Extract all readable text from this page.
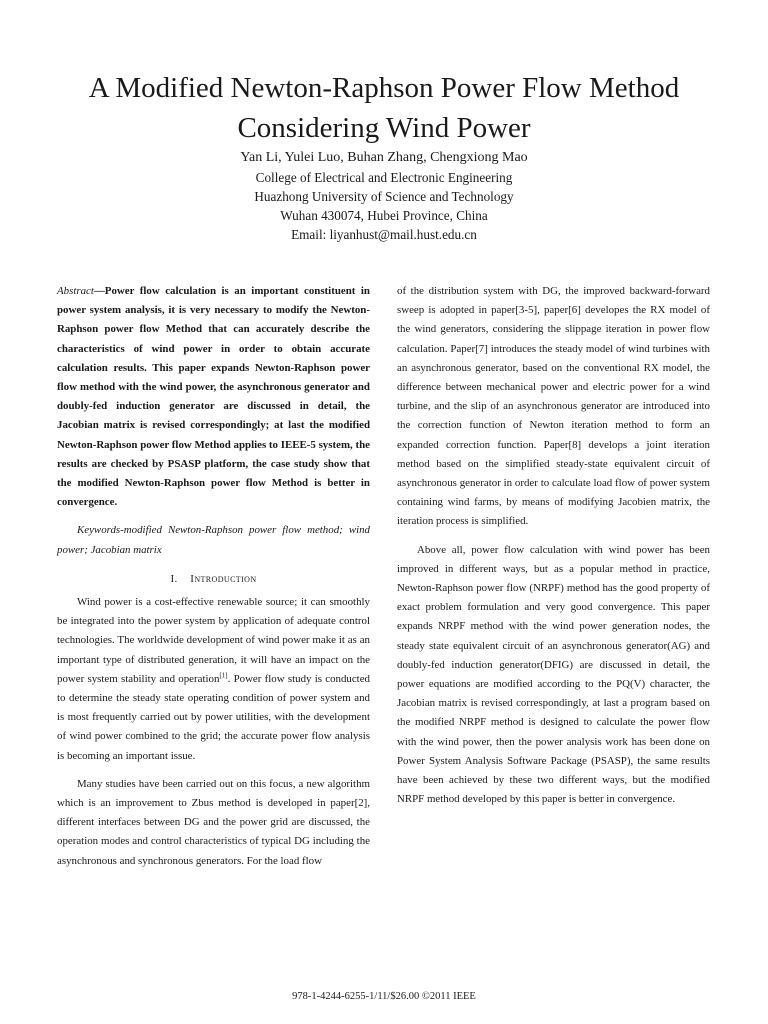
A Modified Newton-Raphson Power Flow Method
Considering Wind Power
Yan Li, Yulei Luo, Buhan Zhang, Chengxiong Mao
College of Electrical and Electronic Engineering
Huazhong University of Science and Technology
Wuhan 430074, Hubei Province, China
Email: liyanhust@mail.hust.edu.cn

Abstract—Power flow calculation is an important constituent in power system analysis, it is very necessary to modify the Newton-Raphson power flow Method that can accurately describe the characteristics of wind power in order to obtain accurate calculation results. This paper expands Newton-Raphson power flow method with the wind power, the asynchronous generator and doubly-fed induction generator are discussed in detail, the Jacobian matrix is revised correspondingly; at last the modified Newton-Raphson power flow Method applies to IEEE-5 system, the results are checked by PSASP platform, the case study show that the modified Newton-Raphson power flow Method is better in convergence.

Keywords-modified Newton-Raphson power flow method; wind power; Jacobian matrix

I. Introduction

Wind power is a cost-effective renewable source; it can smoothly be integrated into the power system by application of adequate control technologies. The worldwide development of wind power make it as an important type of distributed generation, it will have an impact on the power system stability and operation[1]. Power flow study is conducted to determine the steady state operating condition of power system and is most frequently carried out by power utilities, with the development of wind power combined to the grid; the accurate power flow analysis is becoming an important issue.

Many studies have been carried out on this focus, a new algorithm which is an improvement to Zbus method is developed in paper[2], different interfaces between DG and the power grid are discussed, the operation modes and control characteristics of typical DG including the asynchronous and synchronous generators. For the load flow

of the distribution system with DG, the improved backward-forward sweep is adopted in paper[3-5], paper[6] developes the RX model of the wind generators, considering the slippage iteration in power flow calculation. Paper[7] introduces the steady model of wind turbines with an asynchronous generator, based on the conventional RX model, the difference between mechanical power and electric power for a wind turbine, and the slip of an asynchronous generator are introduced into the correction function of Newton iteration method to form an expanded correction function. Paper[8] develops a joint iteration method based on the simplified steady-state equivalent circuit of asynchronous generator in order to calculate load flow of power system containing wind farms, by means of modifying Jacobien matrix, the iteration process is simplified.

Above all, power flow calculation with wind power has been improved in different ways, but as a popular method in practice, Newton-Raphson power flow (NRPF) method has the good property of exact problem formulation and very good convergence. This paper expands NRPF method with the wind power generation nodes, the steady state equivalent circuit of an asynchronous generator(AG) and doubly-fed induction generator(DFIG) are discussed in detail, the power equations are modified according to the PQ(V) character, the Jacobian matrix is revised correspondingly, at last a program based on the modified NRPF method is designed to calculate the power flow with the wind power, then the power analysis work has been done on Power System Analysis Software Package (PSASP), the same results have been achieved by these two different ways, but the modified NRPF method developed by this paper is better in convergence.

978-1-4244-6255-1/11/$26.00 ©2011 IEEE
